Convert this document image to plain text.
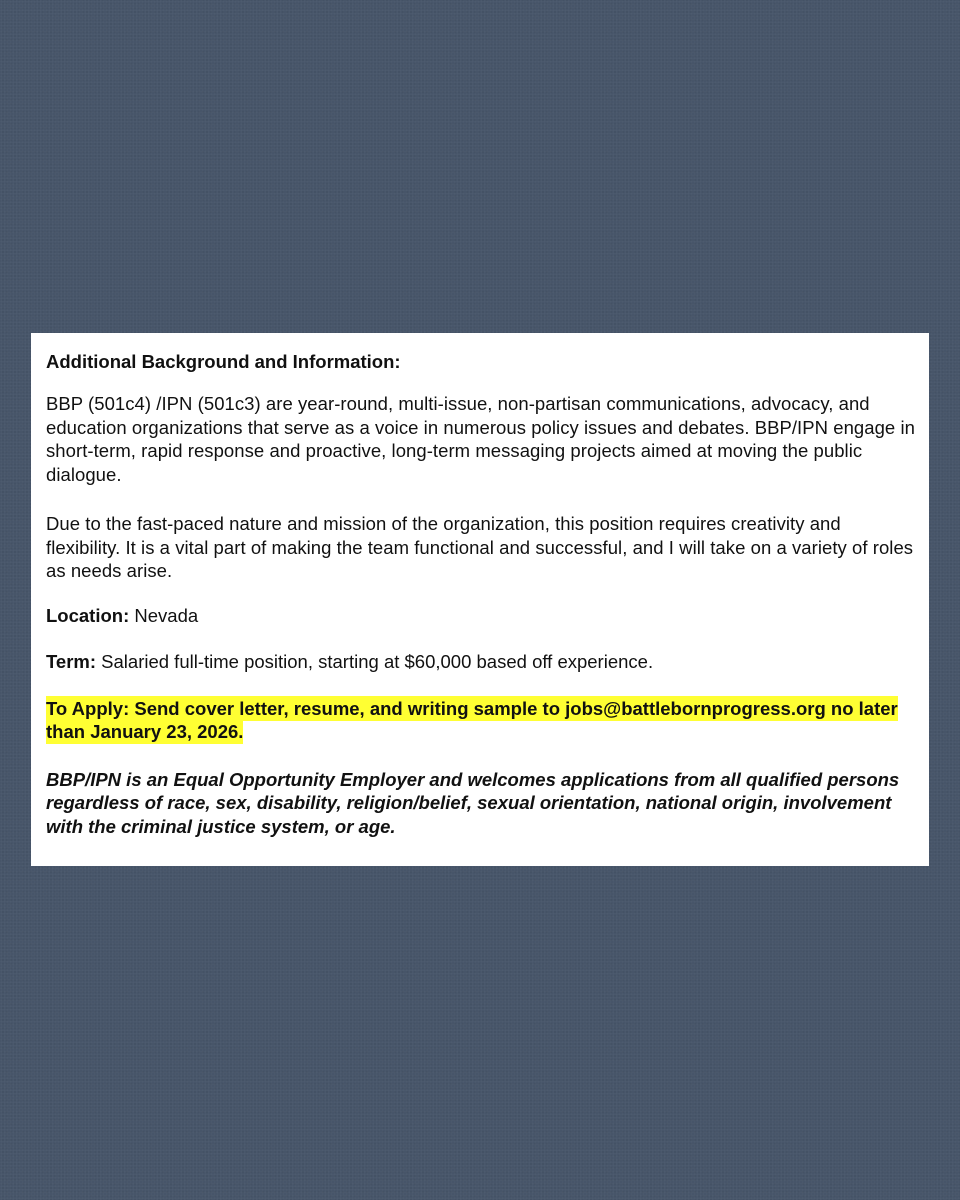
Additional Background and Information:

BBP (501c4) /IPN (501c3) are year-round, multi-issue, non-partisan communications, advocacy, and education organizations that serve as a voice in numerous policy issues and debates. BBP/IPN engage in short-term, rapid response and proactive, long-term messaging projects aimed at moving the public dialogue.

Due to the fast-paced nature and mission of the organization, this position requires creativity and flexibility. It is a vital part of making the team functional and successful, and I will take on a variety of roles as needs arise.

Location: Nevada
Term: Salaried full-time position, starting at $60,000 based off experience.
To Apply: Send cover letter, resume, and writing sample to jobs@battlebornprogress.org no later than January 23, 2026.

BBP/IPN is an Equal Opportunity Employer and welcomes applications from all qualified persons regardless of race, sex, disability, religion/belief, sexual orientation, national origin, involvement with the criminal justice system, or age.
